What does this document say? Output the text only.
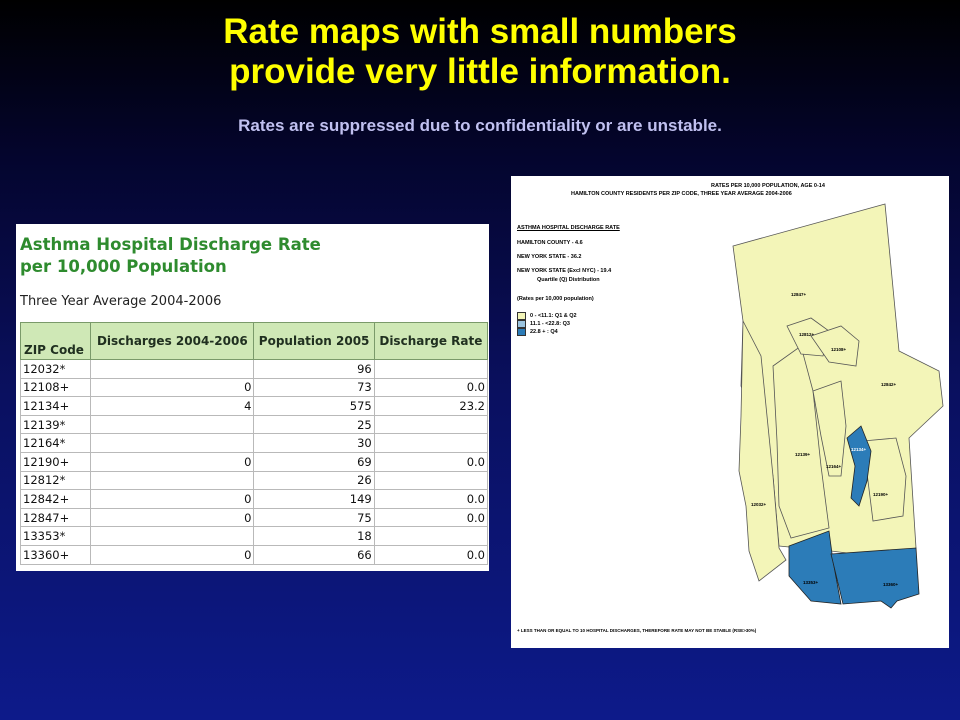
Rate maps with small numbers
provide very little information.
Rates are suppressed due to confidentiality or are unstable.
Asthma Hospital Discharge Rate
per 10,000 Population
Three Year Average 2004-2006
ZIP Code	Discharges 2004-2006	Population 2005	Discharge Rate
12032*		96	
12108+	0	73	0.0
12134+	4	575	23.2
12139*		25	
12164*		30	
12190+	0	69	0.0
12812*		26	
12842+	0	149	0.0
12847+	0	75	0.0
13353*		18	
13360+	0	66	0.0
12847+
12108+
12812+
12842+
12032+
12139+
12164+
12134+
12190+
13353+	13360+
RATES PER 10,000 POPULATION, AGE 0-14
HAMILTON COUNTY RESIDENTS PER ZIP CODE, THREE YEAR AVERAGE 2004-2006
ASTHMA HOSPITAL DISCHARGE RATE
HAMILTON COUNTY - 4.6
NEW YORK STATE - 36.2
NEW YORK STATE (Excl NYC) - 19.4
Quartile (Q) Distribution
(Rates per 10,000 population)
0 - <11.1: Q1 & Q2
11.1 - <22.8: Q3
22.8 + : Q4
+ LESS THAN OR EQUAL TO 10 HOSPITAL DISCHARGES, THEREFORE RATE MAY NOT BE STABLE (RSE>30%)
